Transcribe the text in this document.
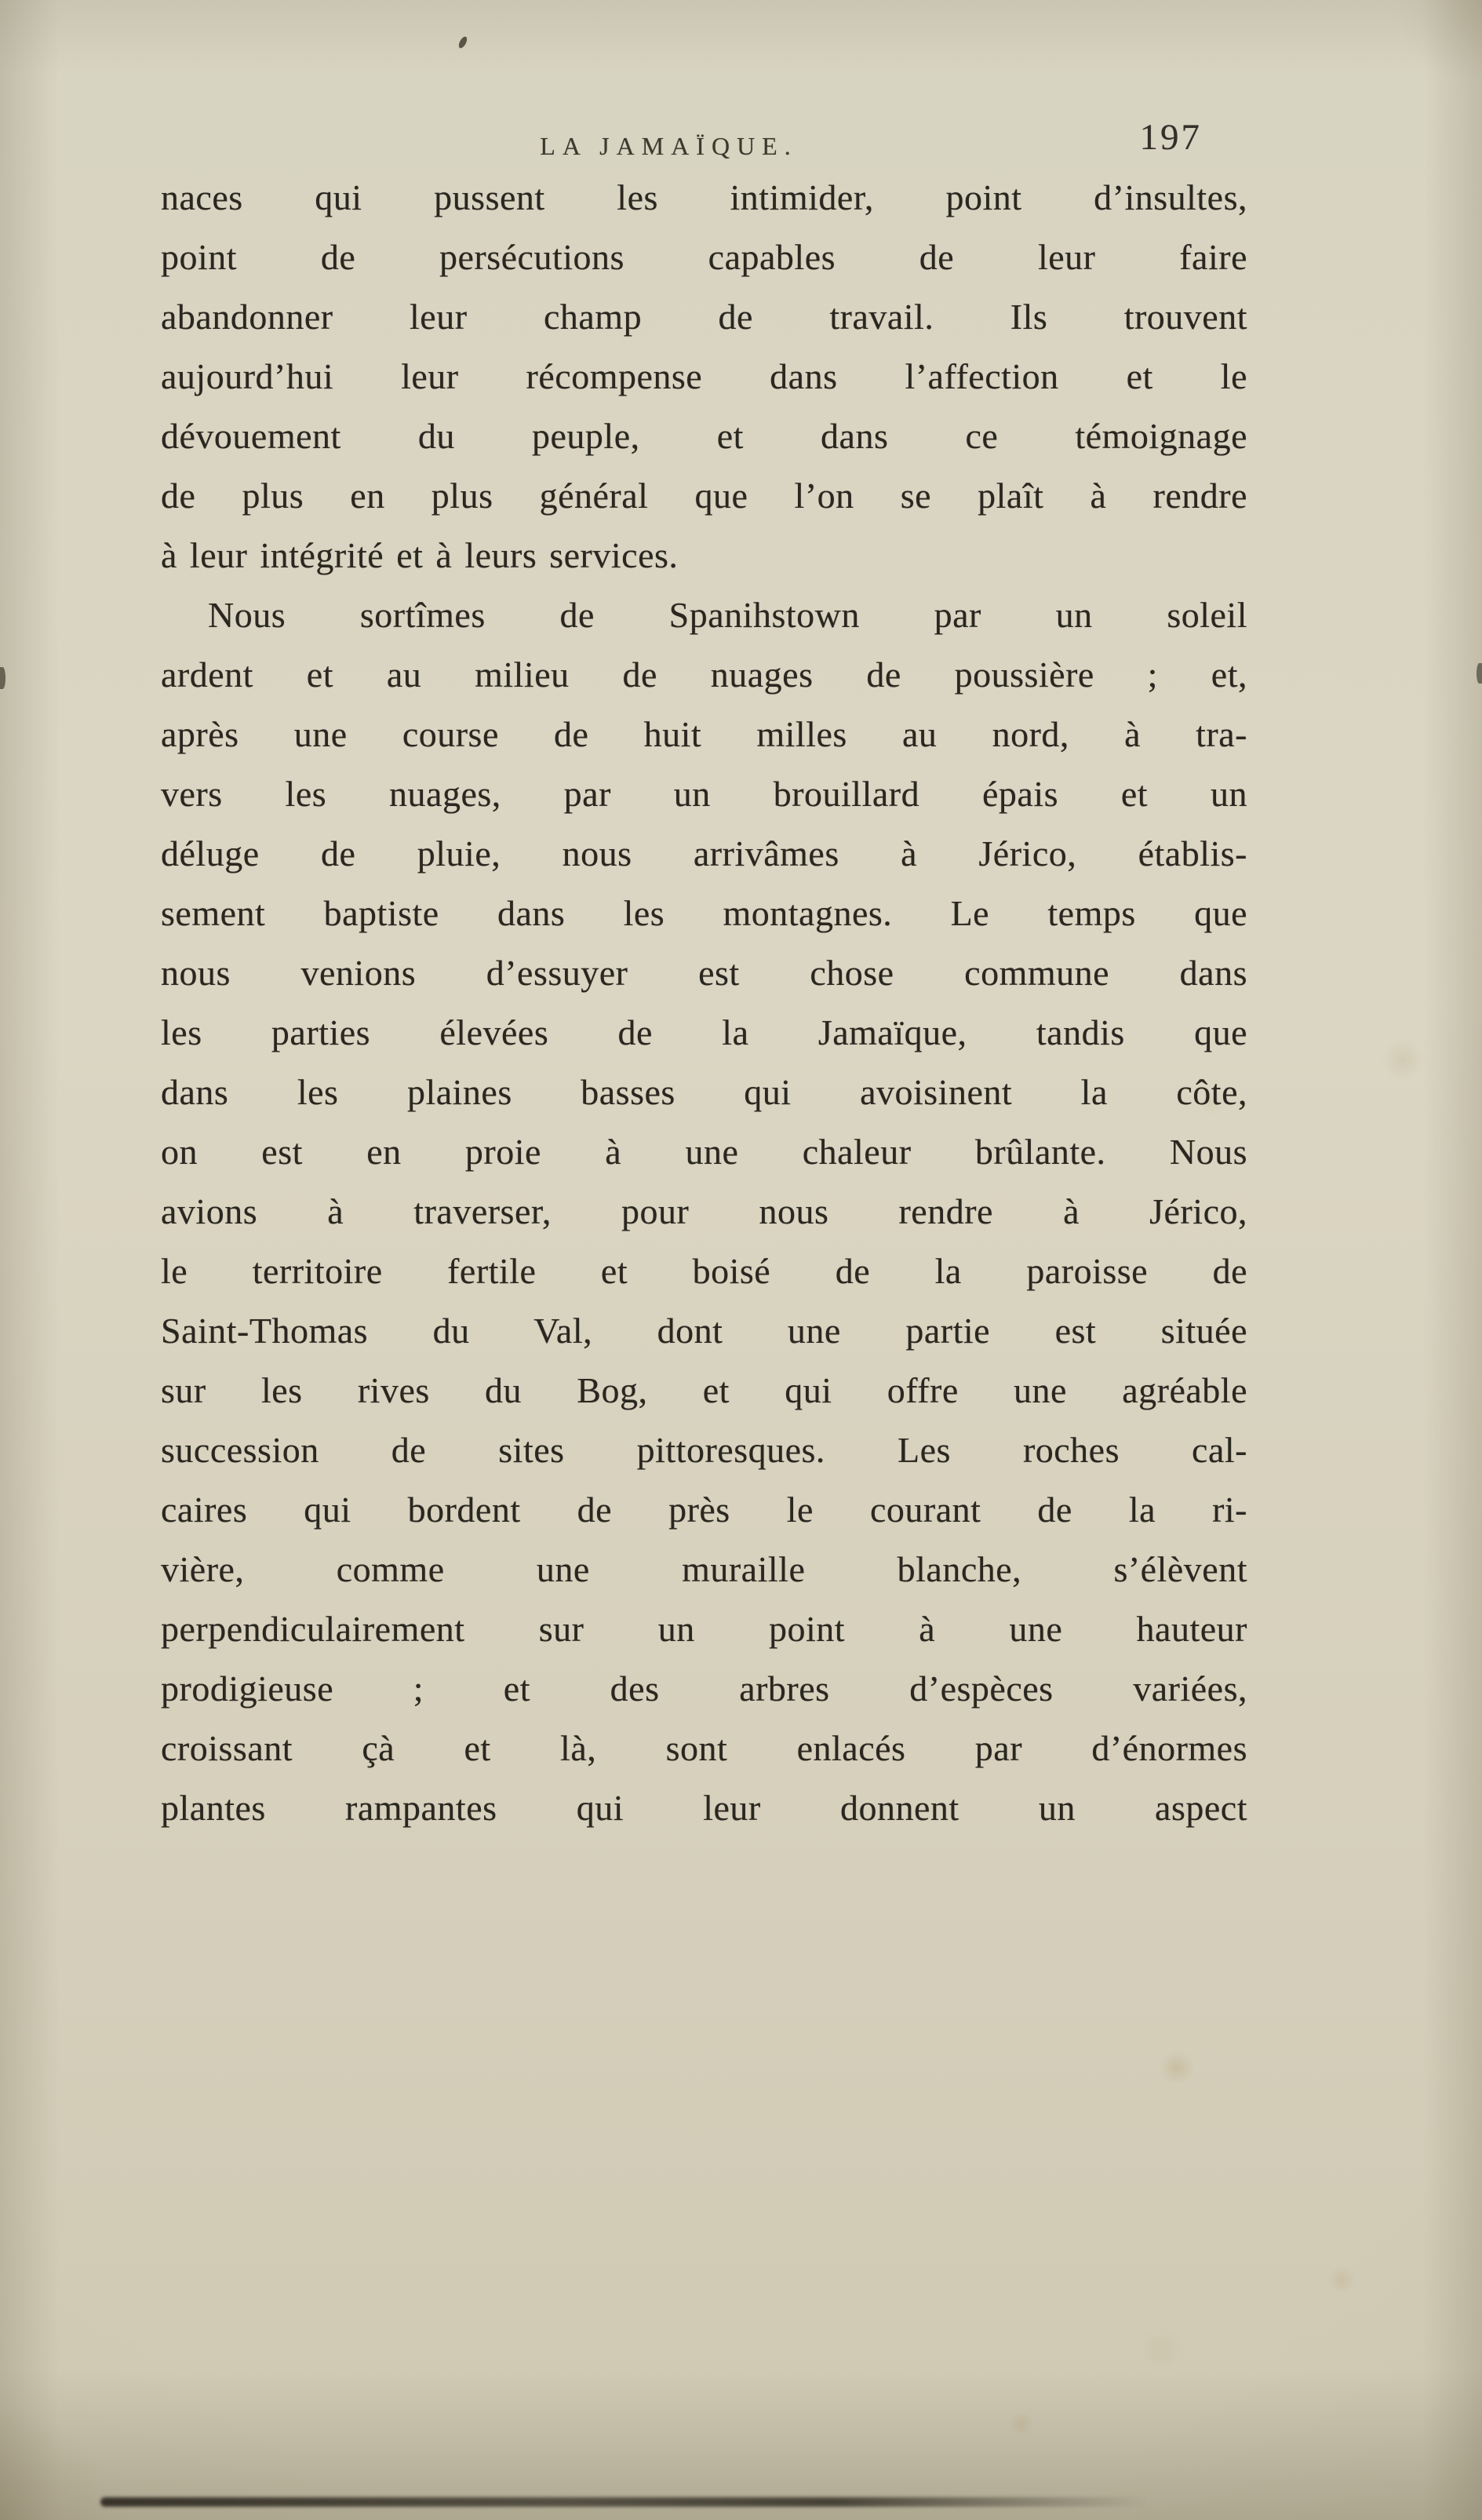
LA JAMAÏQUE.	197
naces qui pussent les intimider, point d’insultes,
point de persécutions capables de leur faire
abandonner leur champ de travail. Ils trouvent
aujourd’hui leur récompense dans l’affection et le
dévouement du peuple, et dans ce témoignage
de plus en plus général que l’on se plaît à rendre
à leur intégrité et à leurs services.
Nous sortîmes de Spanihstown par un soleil
ardent et au milieu de nuages de poussière ; et,
après une course de huit milles au nord, à tra-
vers les nuages, par un brouillard épais et un
déluge de pluie, nous arrivâmes à Jérico, établis-
sement baptiste dans les montagnes. Le temps que
nous venions d’essuyer est chose commune dans
les parties élevées de la Jamaïque, tandis que
dans les plaines basses qui avoisinent la côte,
on est en proie à une chaleur brûlante. Nous
avions à traverser, pour nous rendre à Jérico,
le territoire fertile et boisé de la paroisse de
Saint-Thomas du Val, dont une partie est située
sur les rives du Bog, et qui offre une agréable
succession de sites pittoresques. Les roches cal-
caires qui bordent de près le courant de la ri-
vière, comme une muraille blanche, s’élèvent
perpendiculairement sur un point à une hauteur
prodigieuse ; et des arbres d’espèces variées,
croissant çà et là, sont enlacés par d’énormes
plantes rampantes qui leur donnent un aspect
